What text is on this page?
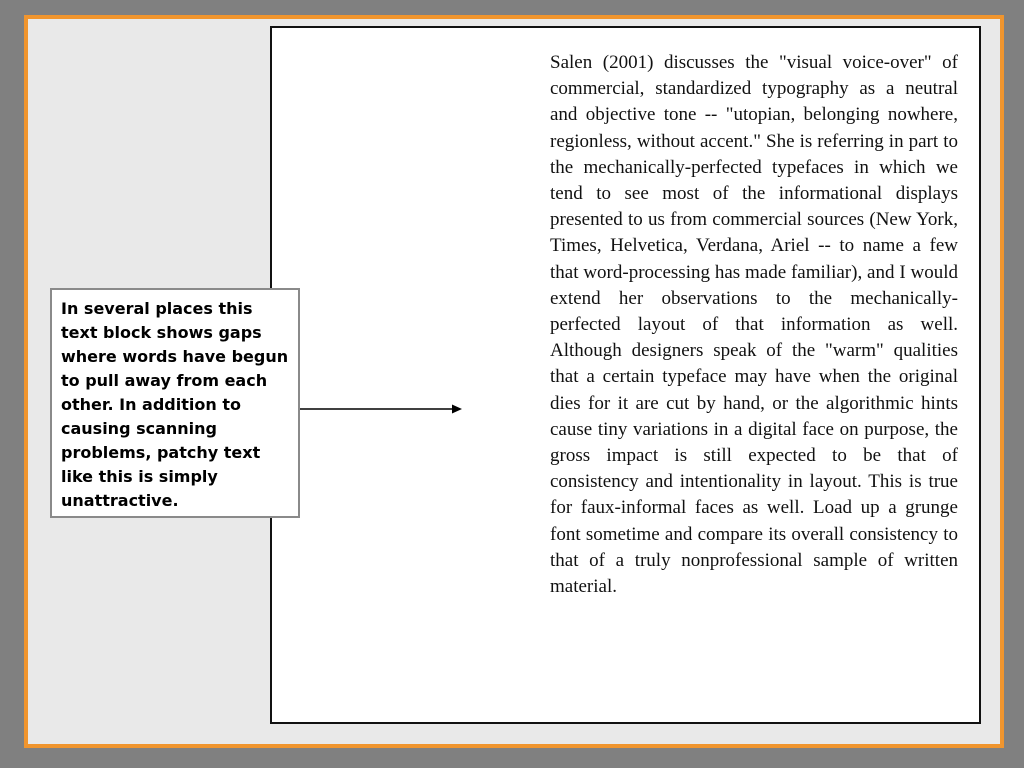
Salen (2001) discusses the "visual voice-over" of commercial, standardized typography as a neutral and objective tone -- "utopian, belonging nowhere, regionless, without accent." She is referring in part to the mechanically-perfected typefaces in which we tend to see most of the informational displays presented to us from commercial sources (New York, Times, Helvetica, Verdana, Ariel -- to name a few that word-processing has made familiar), and I would extend her observations to the mechanically-perfected layout of that information as well. Although designers speak of the "warm" qualities that a certain typeface may have when the original dies for it are cut by hand, or the algorithmic hints cause tiny variations in a digital face on purpose, the gross impact is still expected to be that of consistency and intentionality in layout. This is true for faux-informal faces as well. Load up a grunge font sometime and compare its overall consistency to that of a truly nonprofessional sample of written material.

In several places this text block shows gaps where words have begun to pull away from each other. In addition to causing scanning problems, patchy text like this is simply unattractive.
